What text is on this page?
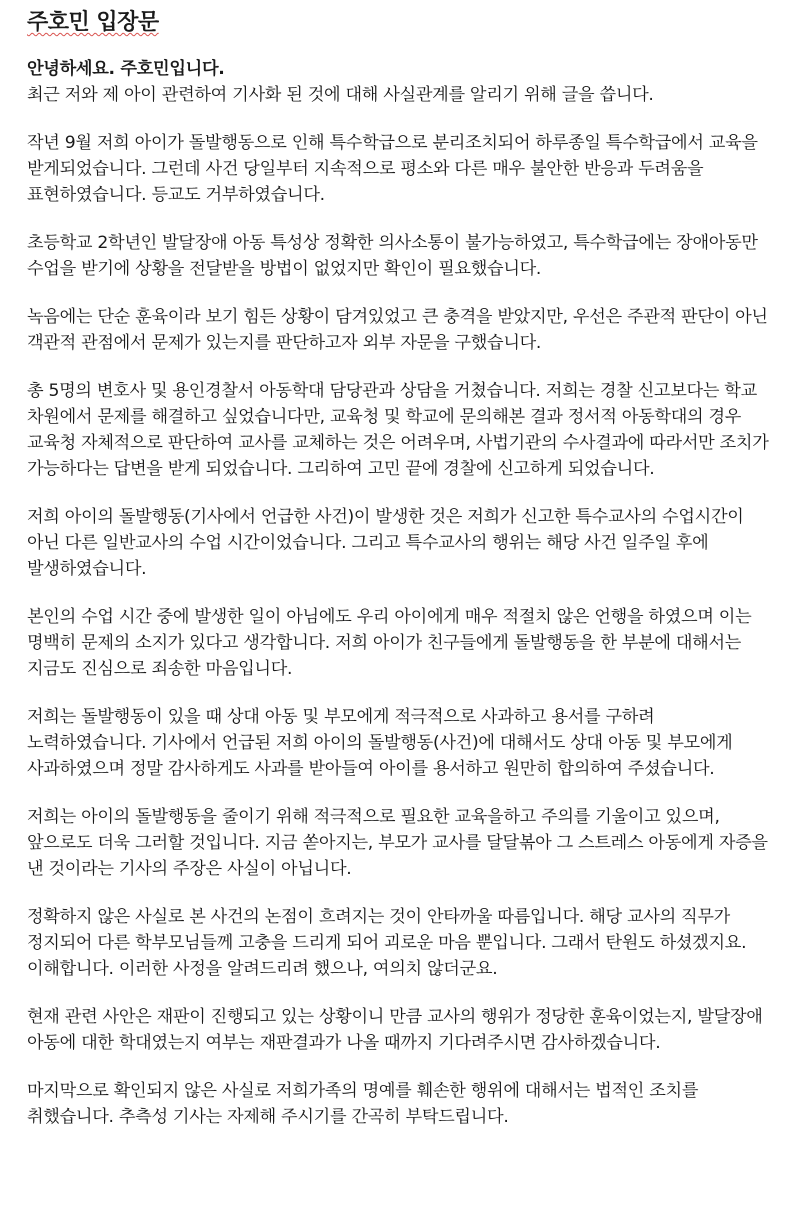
주호민 입장문

안녕하세요. 주호민입니다.

최근 저와 제 아이 관련하여 기사화 된 것에 대해 사실관계를 알리기 위해 글을 씁니다.

작년 9월 저희 아이가 돌발행동으로 인해 특수학급으로 분리조치되어 하루종일 특수학급에서 교육을 받게되었습니다. 그런데 사건 당일부터 지속적으로 평소와 다른 매우 불안한 반응과 두려움을 표현하였습니다. 등교도 거부하였습니다.

초등학교 2학년인 발달장애 아동 특성상 정확한 의사소통이 불가능하였고, 특수학급에는 장애아동만 수업을 받기에 상황을 전달받을 방법이 없었지만 확인이 필요했습니다.

녹음에는 단순 훈육이라 보기 힘든 상황이 담겨있었고 큰 충격을 받았지만, 우선은 주관적 판단이 아닌 객관적 관점에서 문제가 있는지를 판단하고자 외부 자문을 구했습니다.

총 5명의 변호사 및 용인경찰서 아동학대 담당관과 상담을 거쳤습니다. 저희는 경찰 신고보다는 학교 차원에서 문제를 해결하고 싶었습니다만, 교육청 및 학교에 문의해본 결과 정서적 아동학대의 경우 교육청 자체적으로 판단하여 교사를 교체하는 것은 어려우며, 사법기관의 수사결과에 따라서만 조치가 가능하다는 답변을 받게 되었습니다. 그리하여 고민 끝에 경찰에 신고하게 되었습니다.

저희 아이의 돌발행동(기사에서 언급한 사건)이 발생한 것은 저희가 신고한 특수교사의 수업시간이 아닌 다른 일반교사의 수업 시간이었습니다. 그리고 특수교사의 행위는 해당 사건 일주일 후에 발생하였습니다.

본인의 수업 시간 중에 발생한 일이 아님에도 우리 아이에게 매우 적절치 않은 언행을 하였으며 이는 명백히 문제의 소지가 있다고 생각합니다. 저희 아이가 친구들에게 돌발행동을 한 부분에 대해서는 지금도 진심으로 죄송한 마음입니다.

저희는 돌발행동이 있을 때 상대 아동 및 부모에게 적극적으로 사과하고 용서를 구하려 노력하였습니다. 기사에서 언급된 저희 아이의 돌발행동(사건)에 대해서도 상대 아동 및 부모에게 사과하였으며 정말 감사하게도 사과를 받아들여 아이를 용서하고 원만히 합의하여 주셨습니다.

저희는 아이의 돌발행동을 줄이기 위해 적극적으로 필요한 교육을하고 주의를 기울이고 있으며, 앞으로도 더욱 그러할 것입니다. 지금 쏟아지는, 부모가 교사를 달달볶아 그 스트레스 아동에게 자증을 낸 것이라는 기사의 주장은 사실이 아닙니다.

정확하지 않은 사실로 본 사건의 논점이 흐려지는 것이 안타까울 따름입니다. 해당 교사의 직무가 정지되어 다른 학부모님들께 고충을 드리게 되어 괴로운 마음 뿐입니다. 그래서 탄원도 하셨겠지요. 이해합니다. 이러한 사정을 알려드리려 했으나, 여의치 않더군요.

현재 관련 사안은 재판이 진행되고 있는 상황이니 만큼 교사의 행위가 정당한 훈육이었는지, 발달장애 아동에 대한 학대였는지 여부는 재판결과가 나올 때까지 기다려주시면 감사하겠습니다.

마지막으로 확인되지 않은 사실로 저희가족의 명예를 훼손한 행위에 대해서는 법적인 조치를 취했습니다. 추측성 기사는 자제해 주시기를 간곡히 부탁드립니다.
